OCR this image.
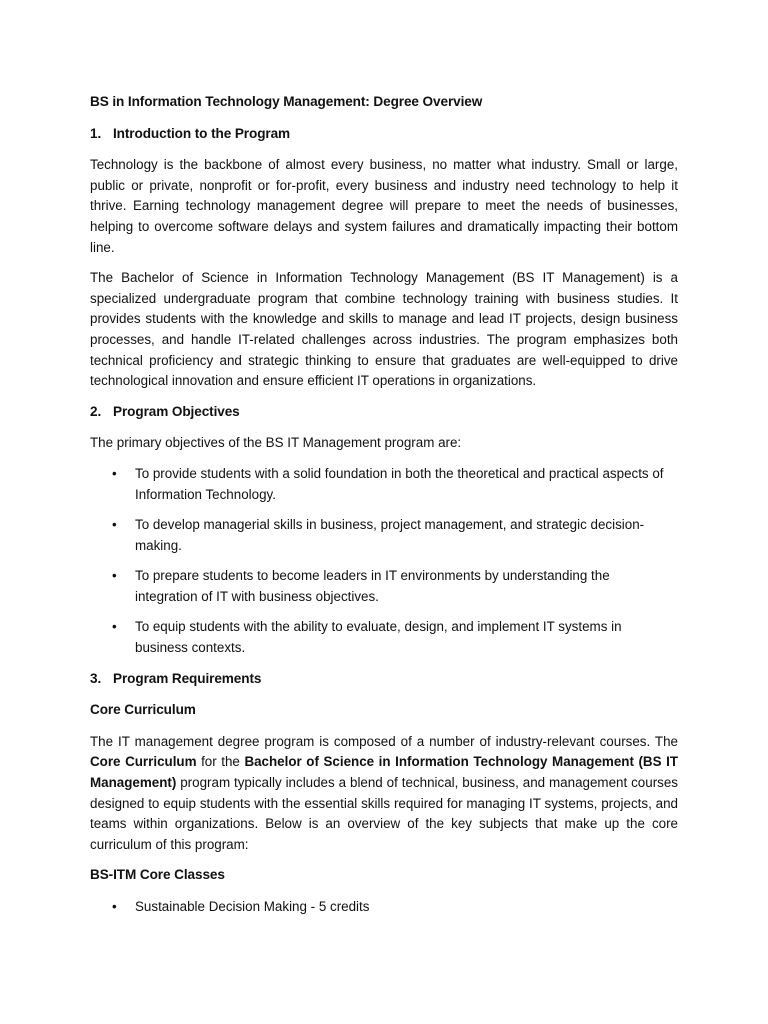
BS in Information Technology Management: Degree Overview
1. Introduction to the Program

Technology is the backbone of almost every business, no matter what industry. Small or large, public or private, nonprofit or for-profit, every business and industry need technology to help it thrive. Earning technology management degree will prepare to meet the needs of businesses, helping to overcome software delays and system failures and dramatically impacting their bottom line.

The Bachelor of Science in Information Technology Management (BS IT Management) is a specialized undergraduate program that combine technology training with business studies. It provides students with the knowledge and skills to manage and lead IT projects, design business processes, and handle IT-related challenges across industries. The program emphasizes both technical proficiency and strategic thinking to ensure that graduates are well-equipped to drive technological innovation and ensure efficient IT operations in organizations.

2. Program Objectives

The primary objectives of the BS IT Management program are:

• To provide students with a solid foundation in both the theoretical and practical aspects of Information Technology.
• To develop managerial skills in business, project management, and strategic decision-making.
• To prepare students to become leaders in IT environments by understanding the integration of IT with business objectives.
• To equip students with the ability to evaluate, design, and implement IT systems in business contexts.
3. Program Requirements
Core Curriculum

The IT management degree program is composed of a number of industry-relevant courses. The Core Curriculum for the Bachelor of Science in Information Technology Management (BS IT Management) program typically includes a blend of technical, business, and management courses designed to equip students with the essential skills required for managing IT systems, projects, and teams within organizations. Below is an overview of the key subjects that make up the core curriculum of this program:

BS-ITM Core Classes
• Sustainable Decision Making - 5 credits
